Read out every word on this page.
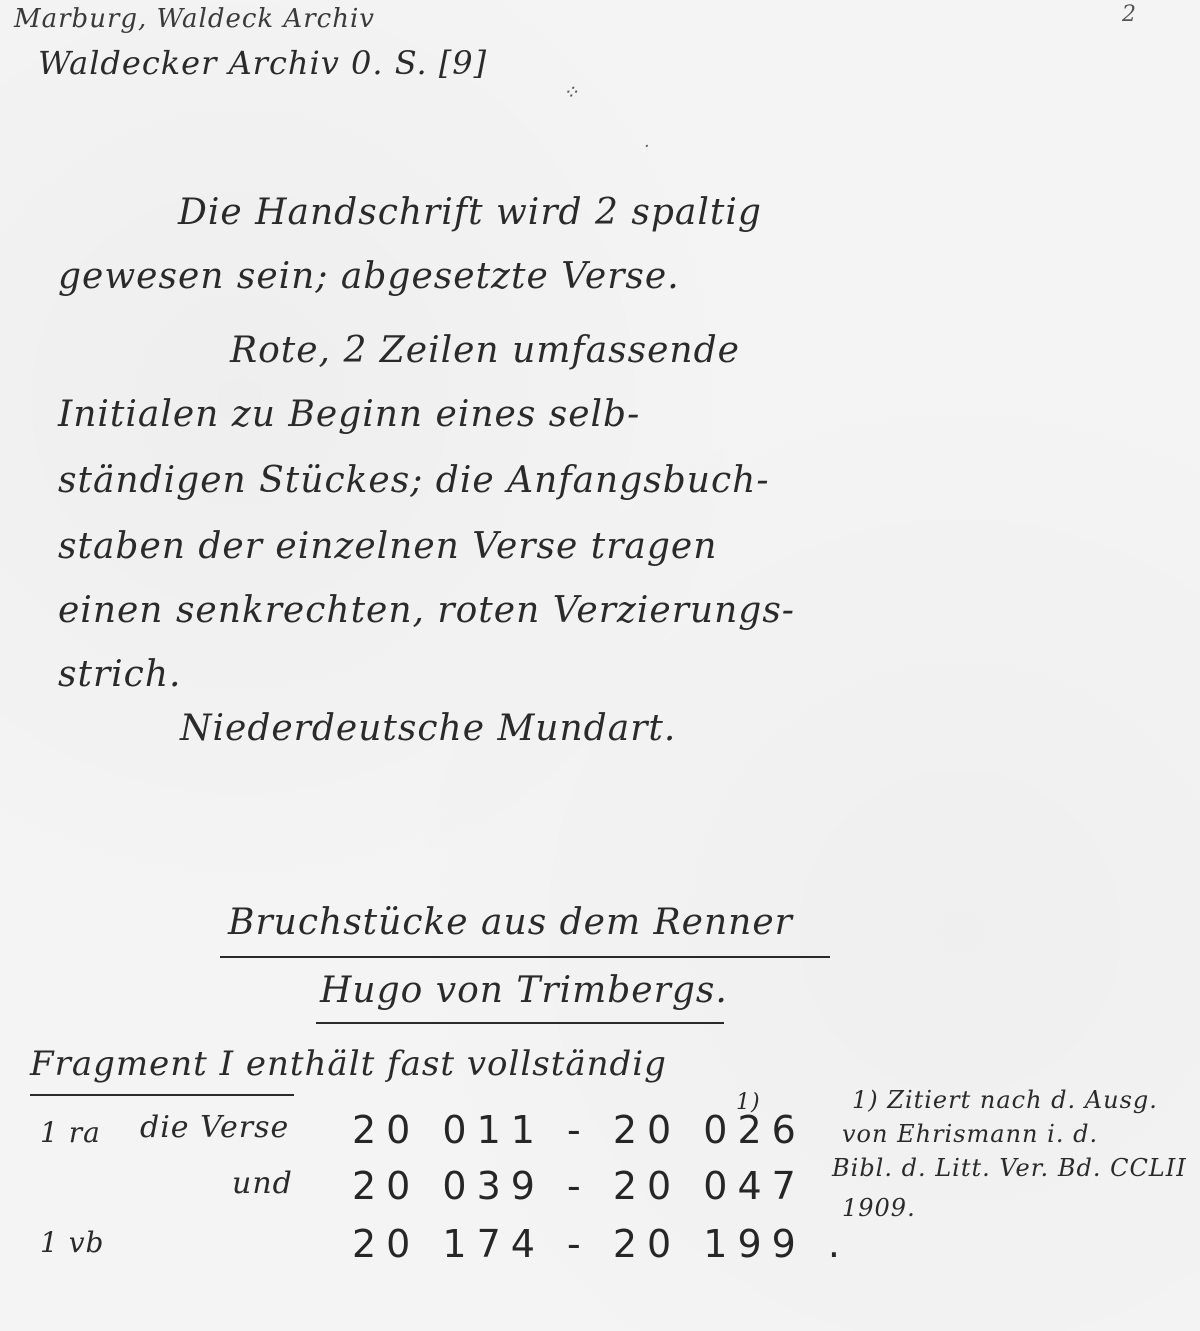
Marburg, Waldeck Archiv
Waldecker Archiv 0. S. [9]
2
⁘
·
Die Handschrift wird 2 spaltig
gewesen sein; abgesetzte Verse.
Rote, 2 Zeilen umfassende
Initialen zu Beginn eines selb-
ständigen Stückes; die Anfangsbuch-
staben der einzelnen Verse tragen
einen senkrechten, roten Verzierungs-
strich.
Niederdeutsche Mundart.
Bruchstücke aus dem Renner
Hugo von Trimbergs.
Fragment I enthält fast vollständig
1 ra die Verse 20 011 - 20 026
1)
und 20 039 - 20 047
1 vb	20 174 - 20 199 .
1) Zitiert nach d. Ausg.
von Ehrismann i. d.
Bibl. d. Litt. Ver. Bd. CCLII
1909.
